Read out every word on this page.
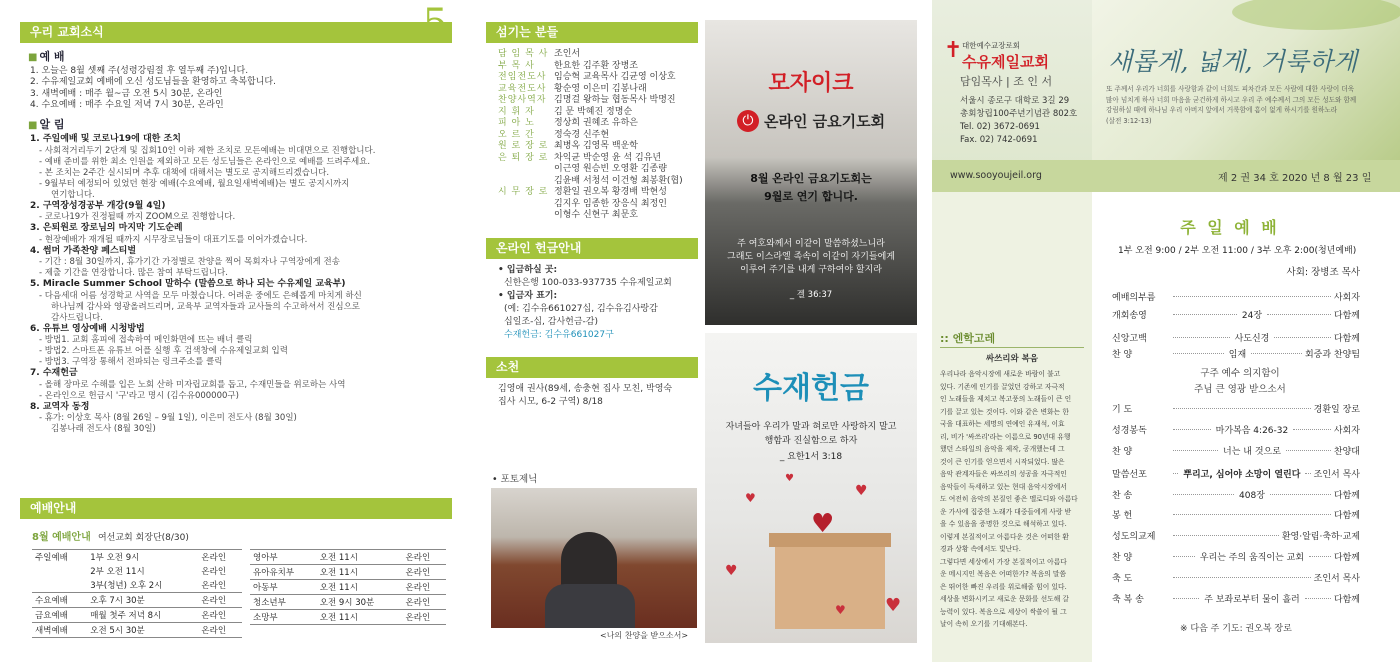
우리 교회소식	5
■ 예 배
1. 오늘은 8월 셋째 주(성령강림절 후 열두째 주)입니다.
2. 수유제일교회 예배에 오신 성도님들을 환영하고 축복합니다.
3. 새벽예배 : 매주 월~금 오전 5시 30분, 온라인
4. 수요예배 : 매주 수요일 저녁 7시 30분, 온라인
■ 알 림
1. 주일예배 및 코로나19에 대한 조치
- 사회적거리두기 2단계 및 집회10인 이하 제한 조치로 모든예배는 비대면으로 진행합니다.
- 예배 준비를 위한 최소 인원을 제외하고 모든 성도님들은 온라인으로 예배를 드려주세요.
- 본 조치는 2주간 실시되며 추후 대책에 대해서는 별도로 공지해드리겠습니다.
- 9월부터 예정되어 있었던 현장 예배(수요예배, 월요일새벽예배)는 별도 공지시까지
연기합니다.
2. 구역장성경공부 개강(9월 4일)
- 코로나19가 진정될때 까지 ZOOM으로 진행합니다.
3. 은퇴원로 장로님의 마지막 기도순례
- 현장예배가 재개될 때까지 시무장로님들이 대표기도를 이어가겠습니다.
4. 썸머 가족찬양 페스티벌
- 기간 : 8월 30일까지, 휴가기간 가정별로 찬양을 찍어 목회자나 구역장에게 전송
- 제출 기간을 연장합니다. 많은 참여 부탁드립니다.
5. Miracle Summer School 말하수 (말씀으로 하나 되는 수유제일 교육부)
- 다음세대 어름 성경학교 사역을 모두 마쳤습니다. 어려운 중에도 은혜롭게 마치게 하신
하나님께 감사와 영광올려드리며, 교육부 교역자들과 교사들의 수고하셔서 진심으로
감사드립니다.
6. 유튜브 영상예배 시청방법
- 방법1. 교회 홈피에 접속하여 메인화면에 뜨는 배너 클릭
- 방법2. 스마트폰 유튜브 어플 실행 후 검색창에 수유제일교회 입력
- 방법3. 구역장 통해서 전파되는 링크주소를 클릭
7. 수재헌금
- 올해 장마로 수해를 입은 노회 산하 미자립교회를 돕고, 수재민들을 위로하는 사역
- 온라인으로 헌금시 '구'라고 명시 (김수유000000구)
8. 교역자 동정
- 휴가: 이상호 목사 (8월 26일 – 9월 1일), 이은미 전도사 (8월 30일)
김봉나래 전도사 (8월 30일)
예배안내
8월 예배안내 여선교회 회장단(8/30)
주일예배	1부 오전 9시	온라인
	2부 오전 11시	온라인
	3부(청년) 오후 2시	온라인
수요예배	오후 7시 30분	온라인
금요예배	매월 첫주 저녁 8시	온라인
새벽예배	오전 5시 30분	온라인
영아부	오전 11시	온라인
유아유치부	오전 11시	온라인
아동부	오전 11시	온라인
청소년부	오전 9시 30분	온라인
소망부	오전 11시	온라인
섬기는 분들
담 임 목 사 조인서
부 목 사 한요한 김주환 장병조
전임전도사 임승혁 교육목사 김균영 이상호
교육전도사 황순영 이은미 김봉나래
찬양사역자 김명걸 왕하늘 협동목사 박명진
지 휘 자 김 문 박혜진 정명순
피 아 노 정상희 권혜조 유하은
오 르 간 정숙경 신주현
원 로 장 로 최병옥 김영목 백운학
은 퇴 장 로 차익균 박순영 윤 석 김유년
이근영 원승빈 오영환 김종량
김윤배 서청석 이건형 최봉환(협)
시 무 장 로 정환일 권오복 황경배 박현성
김지우 임종한 장응식 최정인
이형수 신현구 최문호
온라인 헌금안내
• 입금하실 곳:
신한은행 100-033-937735 수유제일교회
• 입금자 표기:
(예: 김수유661027십, 김수유김사랑감
십일조-십, 감사헌금-감)
수재헌금: 김수유661027구
소천
김영애 권사(89세, 송충현 집사 모친, 박영숙
집사 시모, 6-2 구역) 8/18
• 포토제닉
<나의 찬양을 받으소서>
모자이크
⏻ 온라인 금요기도회
8월 온라인 금요기도회는
9월로 연기 합니다.
주 여호와께서 이같이 말씀하셨느니라
그래도 이스라엘 족속이 이같이 자기들에게
이루어 주기를 내게 구하여야 할지라
_ 겔 36:37
수재헌금
자녀들아 우리가 말과 혀로만 사랑하지 말고
행함과 진실함으로 하자
_ 요한1서 3:18
♥
♥
♥
♥
♥
♥
♥
대한예수교장로회
✝ 수유제일교회
담임목사 | 조 인 서
서울시 종로구 대학로 3길 29
총회창립100주년기념관 802호
Tel. 02) 3672-0691
Fax. 02) 742-0691
새롭게, 넓게, 거룩하게
또 주께서 우리가 너희를 사랑함과 같이 너희도 피차간과 모든 사람에 대한 사랑이 더욱
많아 넘치게 하사 너희 마음을 굳건하게 하시고 우리 주 예수께서 그의 모든 성도와 함께
강림하실 때에 하나님 우리 아버지 앞에서 거룩함에 흠이 없게 하시기를 원하노라
(살전 3:12-13)
www.sooyoujeil.org	제 2 권 34 호 2020 년 8 월 23 일
:: 엔학고레
싸쓰리와 복음
우리나라 음악시장에 새로운 바람이 불고
있다. 기존에 인기를 끌었던 강하고 자극적
인 노래들을 제치고 복고풍의 노래들이 큰 인
기를 끌고 있는 것이다. 이와 같은 변화는 한
국을 대표하는 세명의 연예인 유재석, 이효
리, 비가 '싸쓰리'라는 이름으로 90년대 유행
했던 스타일의 음악을 제작, 공개했는데 그
것이 큰 인기를 얻으면서 시작되었다. 많은
음악 관계자들은 싸쓰리의 성공을 자극적인
음악들이 득세하고 있는 현대 음악시장에서
도 여전히 음악의 본질인 좋은 멜로디와 아름다
운 가사에 집중한 노래가 대중들에게 사랑 받
을 수 있음을 증명한 것으로 해석하고 있다.
이렇게 본질적이고 아름다운 것은 어떠한 환
경과 상황 속에서도 빛난다.
그렇다면 세상에서 가장 본질적이고 아름다
운 메시지인 복음은 어떠한가? 복음의 말씀
은 뛰어한 빠진 우리를 위로해줄 힘이 있다.
세상을 변화시키고 새로운 문화를 선도해 갈
능력이 있다. 복음으로 세상이 싹쓸이 될 그
날이 속히 오기를 기대해본다.
주 일 예 배
1부 오전 9:00 / 2부 오전 11:00 / 3부 오후 2:00(청년예배)
사회: 장병조 목사
예배의부름	사회자
개회송영	24장	다함께
신앙고백	사도신경	다함께
찬 양	임재	회중과 찬양팀
기 도	경환일 장로
성경봉독	마가복음 4:26-32	사회자
찬 양	너는 내 것으로	찬양대
말씀선포	뿌리고, 심어야 소망이 열린다 조인서 목사
찬 송	408장	다함께
봉 헌	다함께
성도의교제	환영·알림·축하·교제
찬 양	우리는 주의 움직이는 교회	다함께
축 도	조인서 목사
축 복 송	주 보좌로부터 물이 흘러	다함께
구주 예수 의지함이
주님 큰 영광 받으소서
※ 다음 주 기도: 권오복 장로
